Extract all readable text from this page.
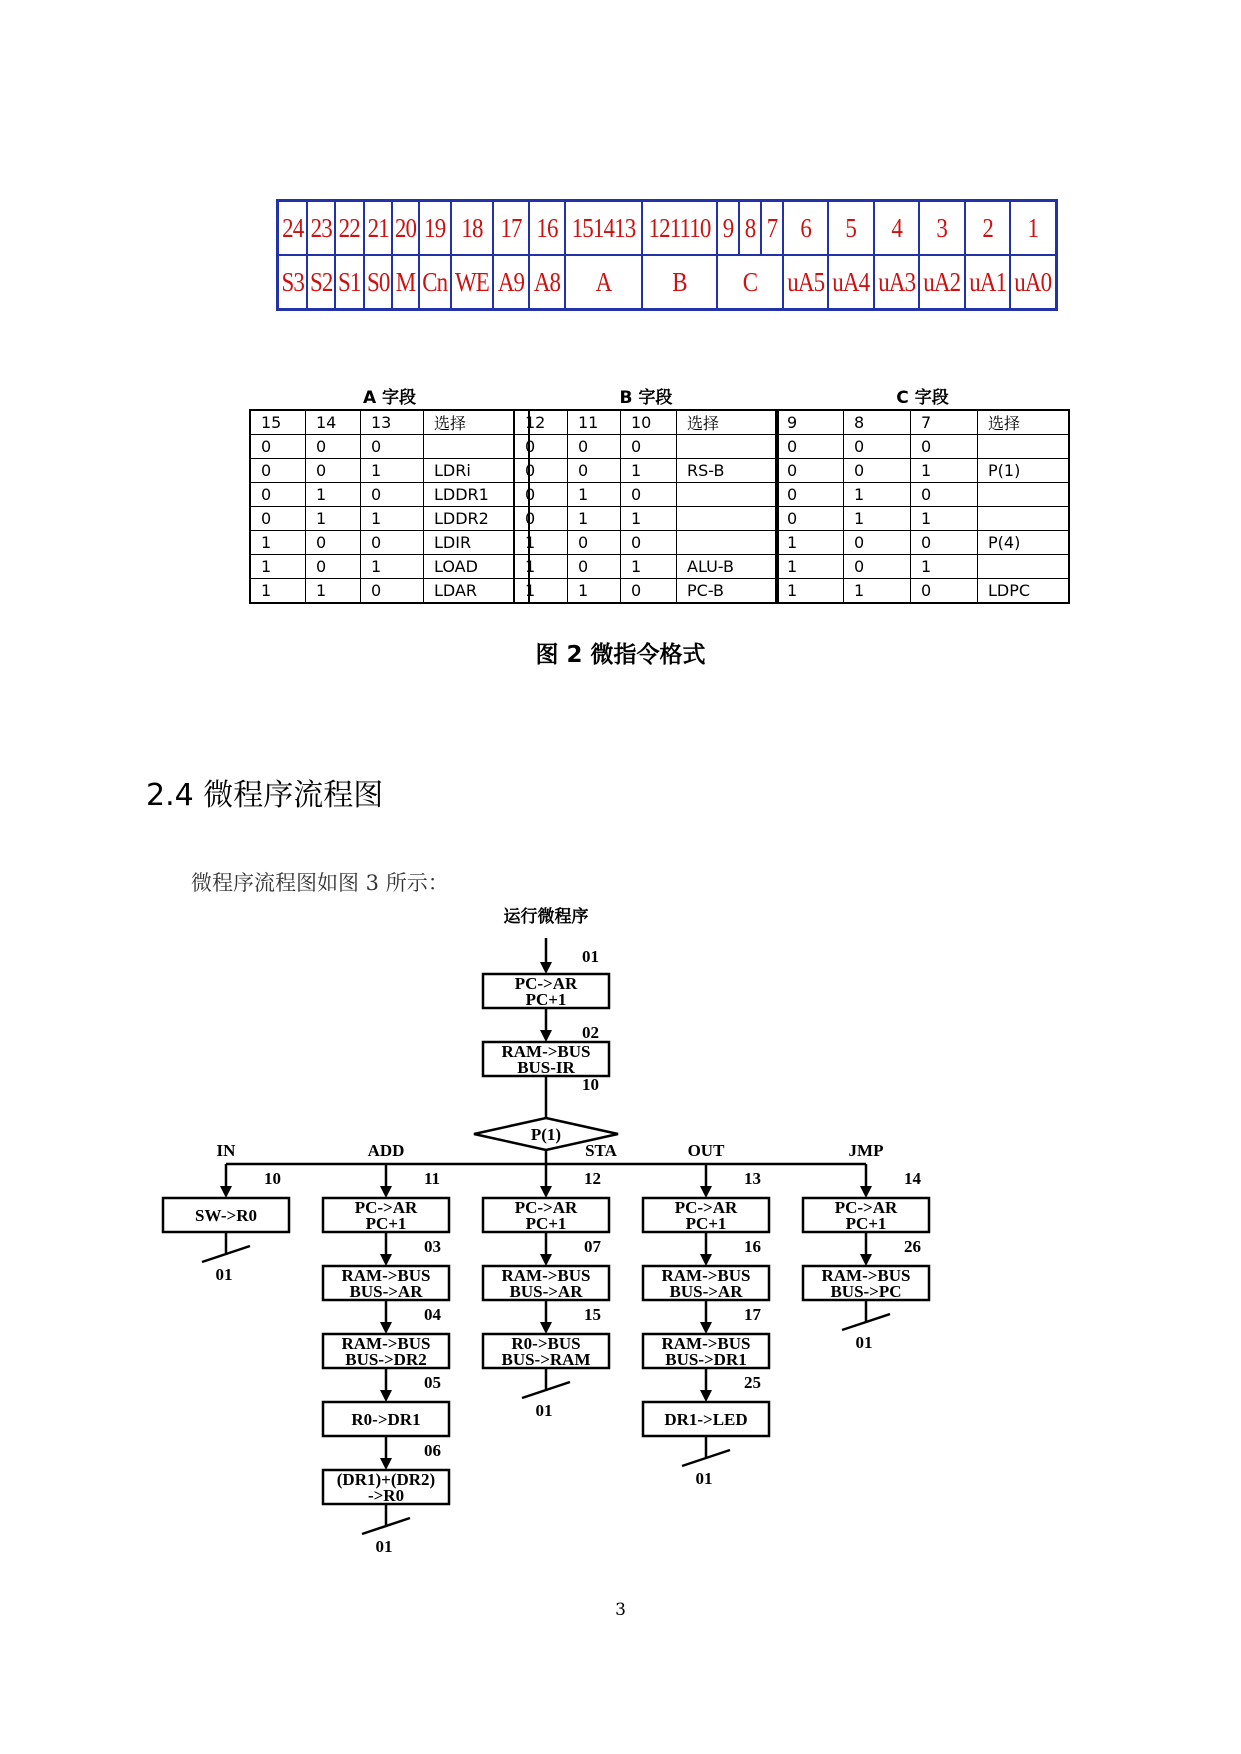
24	23	22	21	20	19	18	17	16	151413	121110	9	8	7	6	5	4	3	2	1
S3	S2	S1	S0	M	Cn	WE	A9	A8	A	B	C			uA5	uA4	uA3	uA2	uA1	uA0
A 字段
15	14	13	选择
0	0	0	
0	0	1	LDRi
0	1	0	LDDR1
0	1	1	LDDR2
1	0	0	LDIR
1	0	1	LOAD
1	1	0	LDAR
B 字段
12	11	10	选择
0	0	0	
0	0	1	RS-B
0	1	0	
0	1	1	
1	0	0	
1	0	1	ALU-B
1	1	0	PC-B
C 字段
9	8	7	选择
0	0	0	
0	0	1	P(1)
0	1	0	
0	1	1	
1	0	0	P(4)
1	0	1	
1	1	0	LDPC
图 2 微指令格式
2.4 微程序流程图
微程序流程图如图 3 所示：
运行微程序
01
PC->AR
PC+1
02
RAM->BUS
BUS-IR
10
P(1)
IN
10
SW->R0
01
ADD
11
PC->AR
PC+1
03
RAM->BUS
BUS->AR
04
RAM->BUS
BUS->DR2
05
R0->DR1
06
(DR1)+(DR2)
->R0
01
STA
12
PC->AR
PC+1
07
RAM->BUS
BUS->AR
15
R0->BUS
BUS->RAM
01
OUT
13
PC->AR
PC+1
16
RAM->BUS
BUS->AR
17
RAM->BUS
BUS->DR1
25
DR1->LED
01
JMP
14
PC->AR
PC+1
26
RAM->BUS
BUS->PC
01
3
